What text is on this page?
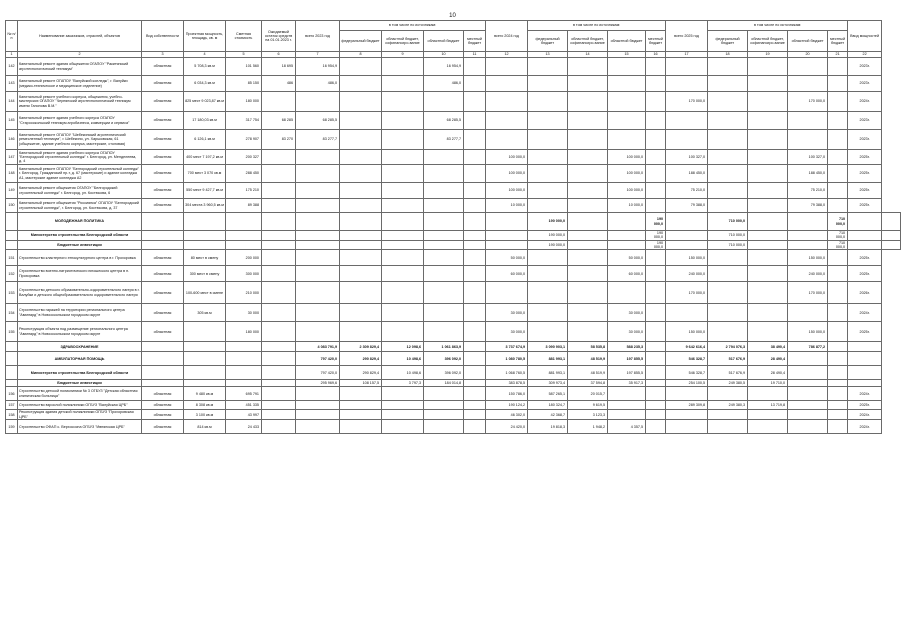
10
№ п/п	Наименование заказчиков, отраслей, объектов	Вид собственности	Проектная мощность, площадь, кв. м	Сметная стоимость	Ожидаемый остаток средств на 01.01.2023 г.	всего 2023 год	в том числе по источникам:				всего 2024 год	в том числе по источникам:				всего 2025 год	в том числе по источникам:				Ввод мощностей	
							федеральный бюджет	областной бюджет, софинансиро-вание	областной бюджет	местный бюджет		федеральный бюджет	областной бюджет, софинансиро-вание	областной бюджет	местный бюджет		федеральный бюджет	областной бюджет, софинансиро-вание	областной бюджет	местный бюджет		
1	2	3	4	5	6	7	8	9	10	11	12	13	14	15	16	17	18	19	20	21	22	
142	Капитальный ремонт здания общежития ОГАПОУ "Ракитянский агротехнологический техникум"	областная	5 708,3 кв.м	101 560	18 695	16 954,9			16 954,9												2023г.	
143	Капитальный ремонт ОГАПОУ "Валуйский колледж", г. Валуйки (медико-техническое и медицинское отделение)	областная	6 034,3 кв.м	85 150	486	486,0			486,0												2023г.	
144	Капитальный ремонт учебного корпуса, общежития, учебно-мастерских ОГАПОУ "Чернянский агротехнологический техникум имени Гапонова В.М."	областная	825 мест 9 023,87 кв.м	180 000												170 000,0			170 000,0		2024г.	
145	Капитальный ремонт здания учебного корпуса ОГАПОУ "Старооскольский техникум агробизнеса, коммерции и сервиса"	областная	17 180,03 кв.м	317 754	68 285	68 285,5			68 285,5												2023г.	
146	Капитальный ремонт ОГАПОУ "Шебекинский агротехнический ремесленный техникум", г. Шебекино, ул. Харьковская, 61 (общежитие, здание учебного корпуса, мастерские, столовая)	областная	6 126,1 кв.м	278 907	83 270	83 277,7			83 277,7												2023г.	
147	Капитальный ремонт здания учебного корпуса ОГАПОУ "Белгородский строительный колледж" г. Белгород, ул. Менделеева, д. 4	областная	400 мест 7 197,2 кв.м	200 327							100 000,0			100 000,0		100 327,0			100 327,0		2025г.	
148	Капитальный ремонт ОГАПОУ "Белгородский строительный колледж" г. Белгород, Гражданский пр-т, д. 67 (мастерские) и здание колледжа А1, мастерские здание колледжа А2	областная	700 мест 3 070 кв.м	288 450							100 000,0			100 000,0		188 450,0			188 450,0		2025г.	
149	Капитальный ремонт общежития ОГАПОУ "Белгородский строительный колледж" г. Белгород, ул. Костюкова, 6	областная	550 мест 9 427,7 кв.м	175 210							100 000,0			100 000,0		75 210,0			75 210,0		2025г.	
150	Капитальный ремонт общежития "Россиянка" ОГАПОУ "Белгородский строительный колледж", г. Белгород, ул. Костюкова, д. 37	областная	304 места 3 960,5 кв.м	89 388							10 000,0			10 000,0		79 388,0			79 388,0		2025г.	
	МОЛОДЕЖНАЯ ПОЛИТИКА											190 000,0			190 000,0		710 000,0			710 000,0		
	Министерство строительства Белгородской области											190 000,0			190 000,0		710 000,0			710 000,0		
	Бюджетные инвестиции											190 000,0			190 000,0		710 000,0			710 000,0		
151	Строительство кластерного этнокультурного центра в г. Прохоровка	областная	80 мест в смену	200 000							50 000,0			50 000,0		150 000,0			150 000,0		2025г.	
152	Строительство военно-патриотического юношеского центра в п. Прохоровка	областная	300 мест в смену	300 000							60 000,0			60 000,0		240 000,0			240 000,0		2025г.	
153	Строительство детского образовательно-оздоровительного лагеря в г. Валуйки и детского общеобразовательного оздоровительного лагеря	областная	100-600 мест в смене	210 000												170 000,0			170 000,0		2026г.	
154	Строительство гаражей на территории регионального центра "Авангард" в Новооскольском городском округе	областная	305 кв.м	30 000							30 000,0			30 000,0							2024г.	
155	Реконструкция объекта под размещение регионального центра "Авангард" в Новооскольском городском округе	областная		180 000							30 000,0			30 000,0		150 000,0			150 000,0		2025г.	
	ЗДРАВООХРАНЕНИЕ					4 083 791,9	2 309 829,4	12 098,6	1 061 863,9		3 737 674,9	3 090 903,1	58 535,8	588 235,3		9 642 616,4	2 794 076,3	38 490,4	786 877,2			
	АМБУЛАТОРНАЯ ПОМОЩЬ					797 420,0	290 829,4	10 498,6	396 092,0		1 080 780,5	881 993,1	48 519,9	197 855,5		546 328,7	517 676,9	28 490,4				
	Министерство строительства Белгородской области					797 420,0	290 829,4	10 498,6	396 092,0		1 068 760,5	881 993,1	48 519,9	197 855,5		546 328,7	517 676,9	28 490,4				
	Бюджетные инвестиции					295 969,6	108 157,5	3 797,3	184 014,8		383 878,5	309 973,4	37 594,8	35 917,3		254 100,5	249 380,5	19 710,0				
156	Строительство детской поликлиники № 3 ОГБУЗ "Детская областная клиническая больница"	областная	9 480 кв.м	695 791							150 786,0	587 265,1	20 015,7								2024г.	
157	Строительство взрослой поликлиники ОГБУЗ "Валуйская ЦРБ"	областная	8 308 кв.м	451 335							190 124,2	180 324,7	9 619,5			289 309,8	249 380,3	13 719,8			2025г.	
158	Реконструкция здания детской поликлиники ОГБУЗ "Прохоровская ЦРБ"	областная	3 100 кв.м	43 997							46 302,0	42 368,7	3 123,3								2024г.	
159	Строительство ОФАП с. Верхососна ОГБУЗ "Ивнянская ЦРБ"	областная	814 кв.м	24 433							24 420,0	19 818,3	1 948,2	4 357,5							2024г.	
